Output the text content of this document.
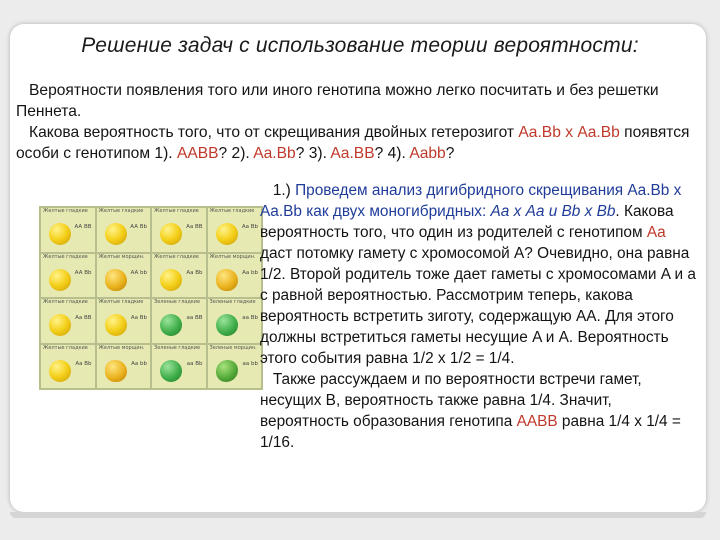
Решение задач с использование теории вероятности:
Вероятности появления того или иного генотипа можно легко посчитать и без решетки Пеннета.
Какова вероятность того, что от скрещивания двойных гетерозигот Aa.Bb х Aa.Bb появятся особи с генотипом 1). AABB? 2). Aa.Bb? 3). Aa.BB? 4). Aabb?
Желтые гладкие
AA BB
Желтые гладкие
AA Bb
Желтые гладкие
Aa BB
Желтые гладкие
Aa Bb
Желтые гладкие
AA Bb
Желтые морщин.
AA bb
Желтые гладкие
Aa Bb
Желтые морщин.
Aa bb
Желтые гладкие
Aa BB
Желтые гладкие
Aa Bb
Зеленые гладкие
aa BB
Зеленые гладкие
aa Bb
Желтые гладкие
Aa Bb
Желтые морщин.
Aa bb
Зеленые гладкие
aa Bb
Зеленые морщин.
aa bb
1.) Проведем анализ дигибридного скрещивания Aa.Bb х Aa.Bb как двух моногибридных: Aa х Aa и Bb х Bb. Какова вероятность того, что один из родителей с генотипом Aa даст потомку гамету с хромосомой A? Очевидно, она равна 1/2. Второй родитель тоже дает гаметы с хромосомами A и a с равной вероятностью. Рассмотрим теперь, какова вероятность встретить зиготу, содержащую AA. Для этого должны встретиться гаметы несущие A и A. Вероятность этого события равна 1/2 х 1/2 = 1/4.
Также рассуждаем и по вероятности встречи гамет, несущих B, вероятность также равна 1/4. Значит, вероятность образования генотипа AABB равна 1/4 х 1/4 = 1/16.
